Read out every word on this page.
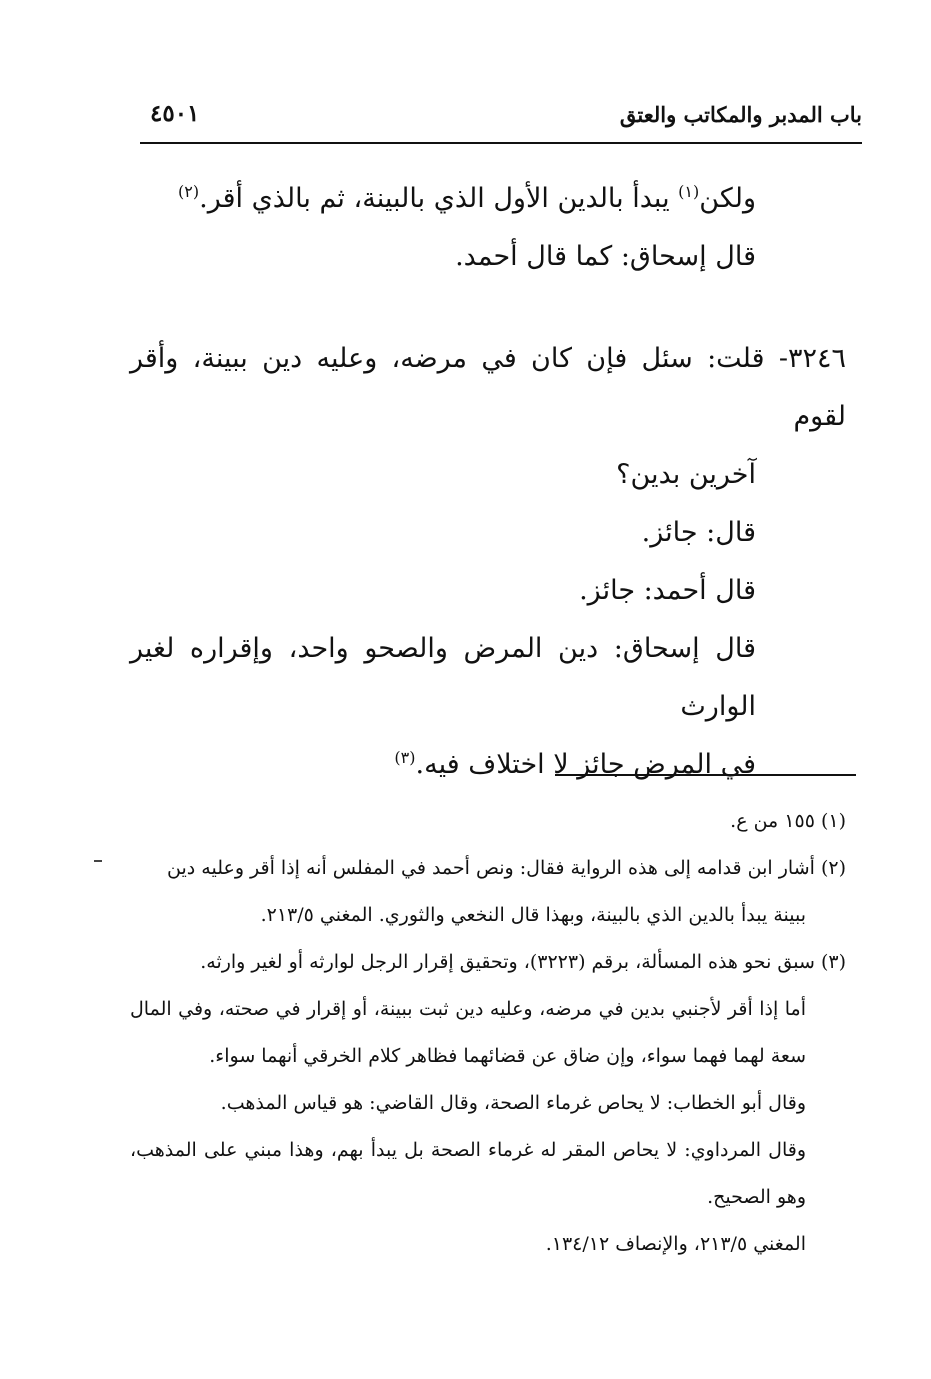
باب المدبر والمكاتب والعتق
٤٥٠١

ولكن$^{(١)}$ يبدأ بالدين الأول الذي بالبينة، ثم بالذي أقر.$^{(٢)}$

قال إسحاق: كما قال أحمد.

٣٢٤٦- قلت: سئل فإن كان في مرضه، وعليه دين ببينة، وأقر لقوم

آخرين بدين؟

قال: جائز.

قال أحمد: جائز.

قال إسحاق: دين المرض والصحو واحد، وإقراره لغير الوارث

في المرض جائز لا اختلاف فيه.$^{(٣)}$

(١) ١٥٥ من ع.

(٢) أشار ابن قدامه إلى هذه الرواية فقال: ونص أحمد في المفلس أنه إذا أقر وعليه دين

ببينة يبدأ بالدين الذي بالبينة، وبهذا قال النخعي والثوري. المغني ٢١٣/٥.

(٣) سبق نحو هذه المسألة، برقم (٣٢٢٣)، وتحقيق إقرار الرجل لوارثه أو لغير وارثه.

أما إذا أقر لأجنبي بدين في مرضه، وعليه دين ثبت ببينة، أو إقرار في صحته، وفي المال سعة لهما فهما سواء، وإن ضاق عن قضائهما فظاهر كلام الخرقي أنهما سواء.

وقال أبو الخطاب: لا يحاص غرماء الصحة، وقال القاضي: هو قياس المذهب.

وقال المرداوي: لا يحاص المقر له غرماء الصحة بل يبدأ بهم، وهذا مبني على المذهب، وهو الصحيح.

المغني ٢١٣/٥، والإنصاف ١٣٤/١٢.
